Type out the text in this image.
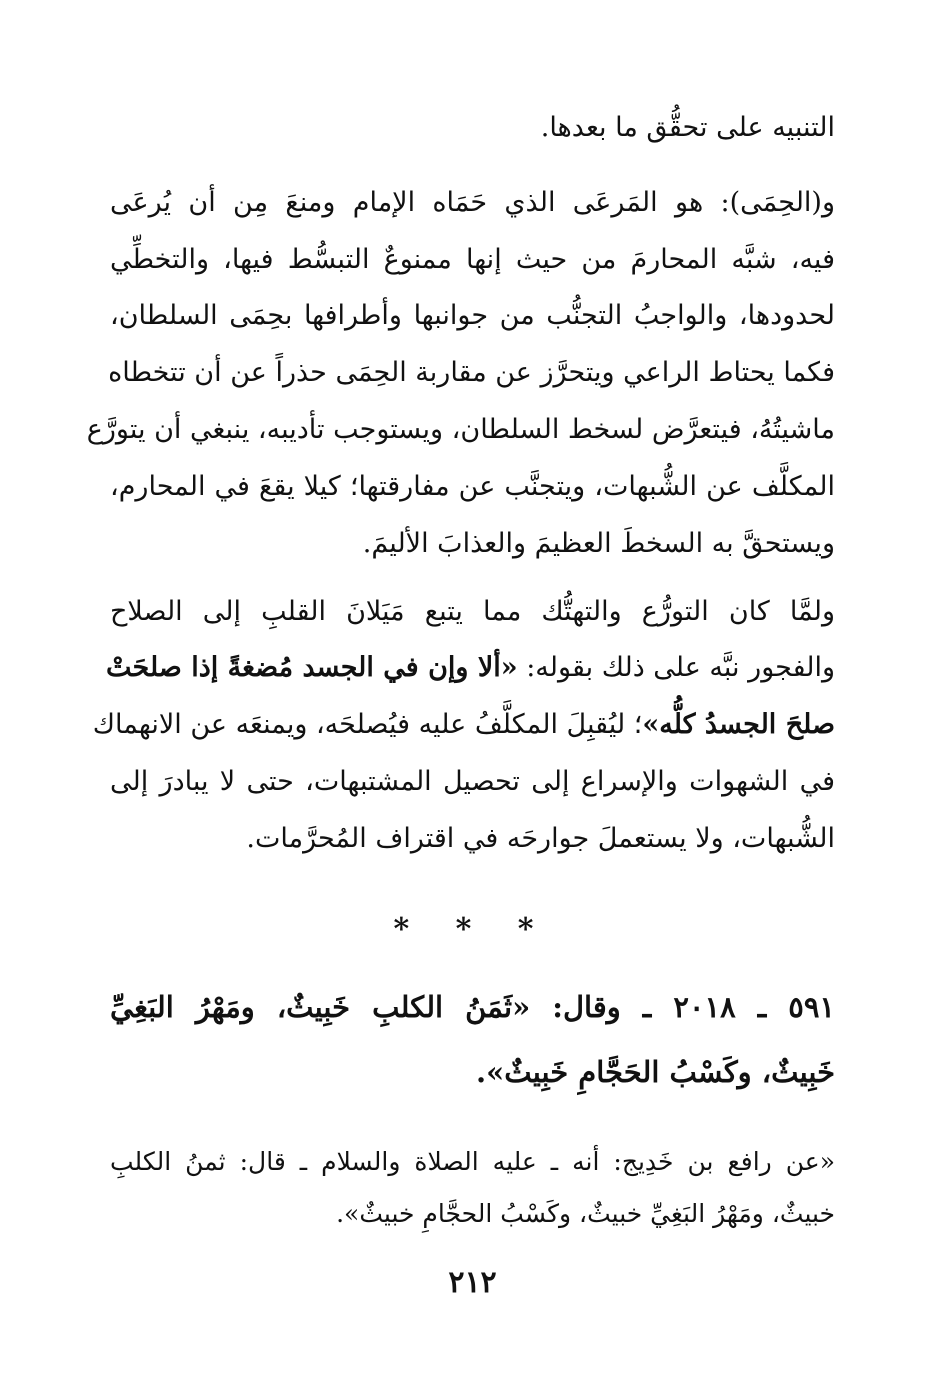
التنبيه على تحقُّق ما بعدها.
و(الحِمَى): هو المَرعَى الذي حَمَاه الإمام ومنعَ مِن أن يُرعَى
فيه، شبَّه المحارمَ من حيث إنها ممنوعٌ التبسُّط فيها، والتخطِّي
لحدودها، والواجبُ التجنُّب من جوانبها وأطرافها بحِمَى السلطان،
فكما يحتاط الراعي ويتحرَّز عن مقاربة الحِمَى حذراً عن أن تتخطاه
ماشيتُهُ، فيتعرَّض لسخط السلطان، ويستوجب تأديبه، ينبغي أن يتورَّع
المكلَّف عن الشُّبهات، ويتجنَّب عن مفارقتها؛ كيلا يقعَ في المحارم،
ويستحقَّ به السخطَ العظيمَ والعذابَ الأليمَ.
ولمَّا كان التورُّع والتهتُّك مما يتبع مَيَلانَ القلبِ إلى الصلاح
والفجور نبَّه على ذلك بقوله: «ألا وإن في الجسد مُضغةً إذا صلحَتْ
صلحَ الجسدُ كلُّه»؛ ليُقبِلَ المكلَّفُ عليه فيُصلحَه، ويمنعَه عن الانهماك
في الشهوات والإسراع إلى تحصيل المشتبهات، حتى لا يبادرَ إلى
الشُّبهات، ولا يستعملَ جوارحَه في اقتراف المُحرَّمات.
* * *
٥٩١ ـ ٢٠١٨ ـ وقال: «ثَمَنُ الكلبِ خَبِيثٌ، ومَهْرُ البَغِيِّ
خَبِيثٌ، وكَسْبُ الحَجَّامِ خَبِيثٌ».
«عن رافع بن خَدِيج: أنه ـ عليه الصلاة والسلام ـ قال: ثمنُ الكلبِ
خبيثٌ، ومَهْرُ البَغِيِّ خبيثٌ، وكَسْبُ الحجَّامِ خبيثٌ».
٢١٢
